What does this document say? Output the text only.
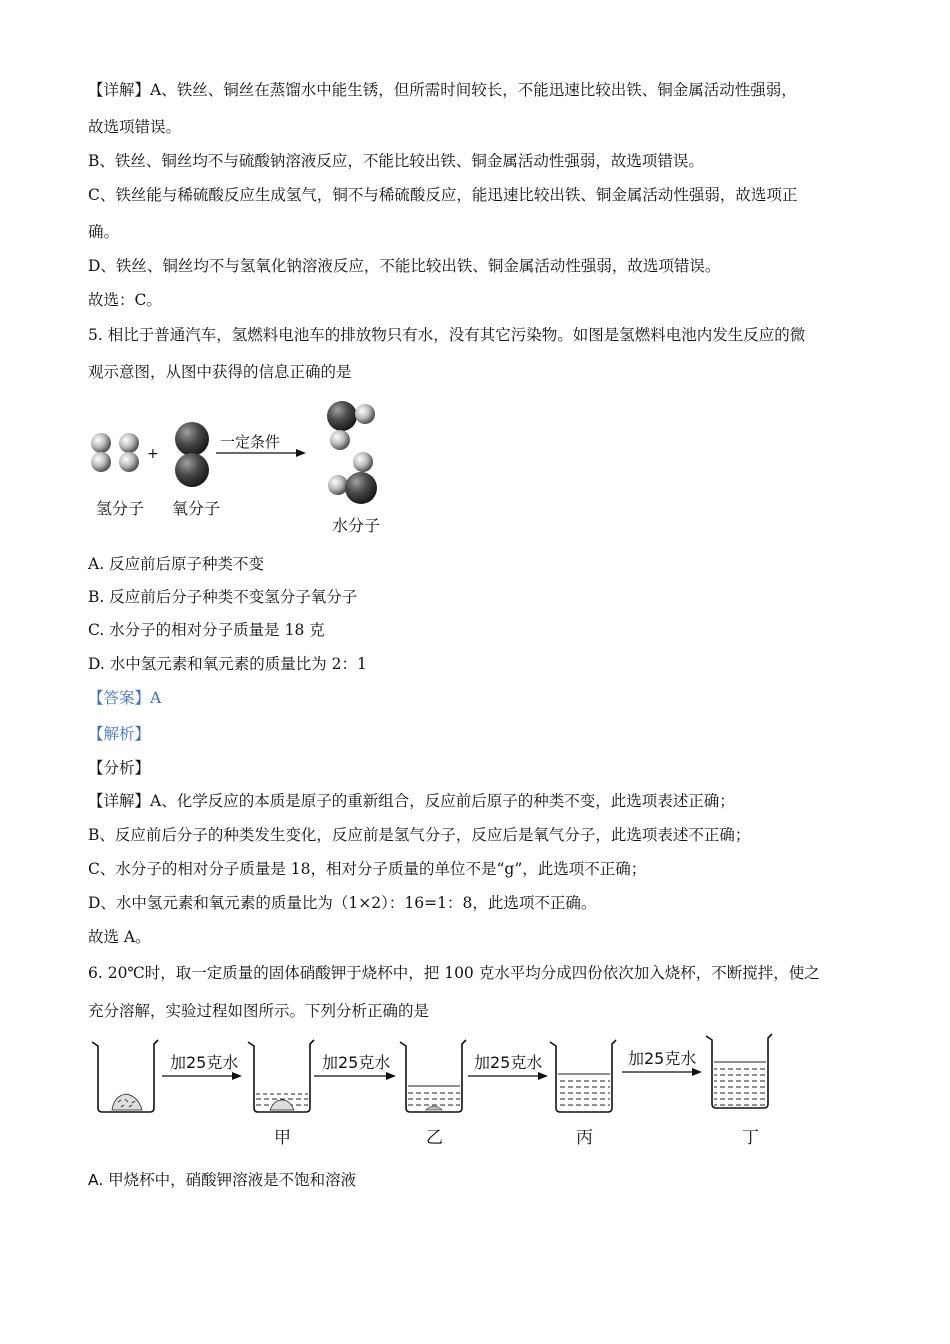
【详解】A、铁丝、铜丝在蒸馏水中能生锈，但所需时间较长，不能迅速比较出铁、铜金属活动性强弱，
故选项错误。
B、铁丝、铜丝均不与硫酸钠溶液反应，不能比较出铁、铜金属活动性强弱，故选项错误。
C、铁丝能与稀硫酸反应生成氢气，铜不与稀硫酸反应，能迅速比较出铁、铜金属活动性强弱，故选项正
确。
D、铁丝、铜丝均不与氢氧化钠溶液反应，不能比较出铁、铜金属活动性强弱，故选项错误。
故选：C。
5. 相比于普通汽车，氢燃料电池车的排放物只有水，没有其它污染物。如图是氢燃料电池内发生反应的微
观示意图，从图中获得的信息正确的是
+
一定条件
氢分子 氧分子
水分子
A. 反应前后原子种类不变
B. 反应前后分子种类不变氢分子氧分子
C. 水分子的相对分子质量是 18 克
D. 水中氢元素和氧元素的质量比为 2：1
【答案】A
【解析】
【分析】
【详解】A、化学反应的本质是原子的重新组合，反应前后原子的种类不变，此选项表述正确；
B、反应前后分子的种类发生变化，反应前是氢气分子，反应后是氧气分子，此选项表述不正确；
C、水分子的相对分子质量是 18，相对分子质量的单位不是“g”，此选项不正确；
D、水中氢元素和氧元素的质量比为（1×2）：16=1：8，此选项不正确。
故选 A。
6. 20℃时，取一定质量的固体硝酸钾于烧杯中，把 100 克水平均分成四份依次加入烧杯，不断搅拌，使之
充分溶解，实验过程如图所示。下列分析正确的是
加25克水
甲
加25克水
乙
加25克水
丙
加25克水
丁
A. 甲烧杯中，硝酸钾溶液是不饱和溶液
